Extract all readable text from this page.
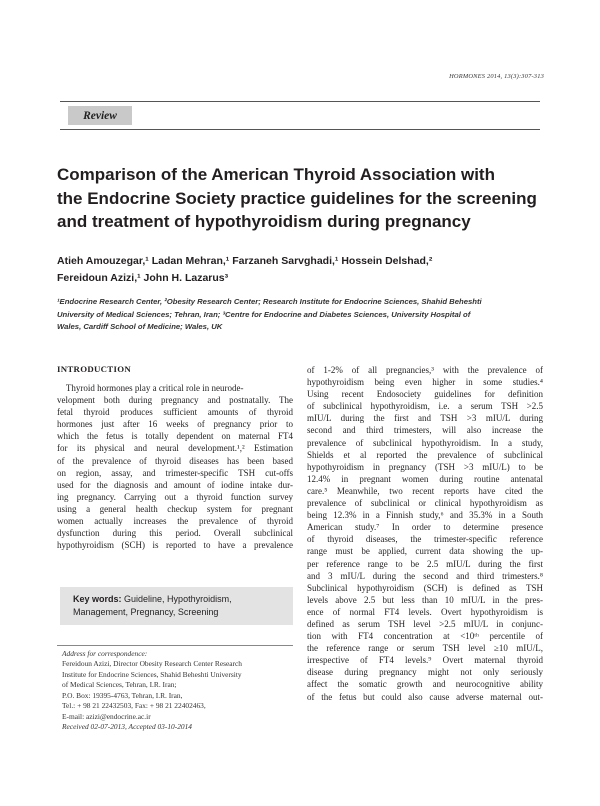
HORMONES 2014, 13(3):307-313
Review
Comparison of the American Thyroid Association with
the Endocrine Society practice guidelines for the screening
and treatment of hypothyroidism during pregnancy
Atieh Amouzegar,¹ Ladan Mehran,¹ Farzaneh Sarvghadi,¹ Hossein Delshad,²
Fereidoun Azizi,¹ John H. Lazarus³
¹Endocrine Research Center, ²Obesity Research Center; Research Institute for Endocrine Sciences, Shahid Beheshti
University of Medical Sciences; Tehran, Iran; ³Centre for Endocrine and Diabetes Sciences, University Hospital of
Wales, Cardiff School of Medicine; Wales, UK
INTRODUCTION
Thyroid hormones play a critical role in neurode-
velopment both during pregnancy and postnatally. The
fetal thyroid produces sufficient amounts of thyroid
hormones just after 16 weeks of pregnancy prior to
which the fetus is totally dependent on maternal FT4
for its physical and neural development.¹,² Estimation
of the prevalence of thyroid diseases has been based
on region, assay, and trimester-specific TSH cut-offs
used for the diagnosis and amount of iodine intake dur-
ing pregnancy. Carrying out a thyroid function survey
using a general health checkup system for pregnant
women actually increases the prevalence of thyroid
dysfunction during this period. Overall subclinical
hypothyroidism (SCH) is reported to have a prevalence
Key words: Guideline, Hypothyroidism,
Management, Pregnancy, Screening
Address for correspondence:
Fereidoun Azizi, Director Obesity Research Center Research
Institute for Endocrine Sciences, Shahid Beheshti University
of Medical Sciences, Tehran, I.R. Iran;
P.O. Box: 19395-4763, Tehran, I.R. Iran,
Tel.: + 98 21 22432503, Fax: + 98 21 22402463,
E-mail: azizi@endocrine.ac.ir
Received 02-07-2013, Accepted 03-10-2014
of 1-2% of all pregnancies,³ with the prevalence of
hypothyroidism being even higher in some studies.⁴
Using recent Endosociety guidelines for definition
of subclinical hypothyroidism, i.e. a serum TSH >2.5
mIU/L during the first and TSH >3 mIU/L during
second and third trimesters, will also increase the
prevalence of subclinical hypothyroidism. In a study,
Shields et al reported the prevalence of subclinical
hypothyroidism in pregnancy (TSH >3 mIU/L) to be
12.4% in pregnant women during routine antenatal
care.⁵ Meanwhile, two recent reports have cited the
prevalence of subclinical or clinical hypothyroidism as
being 12.3% in a Finnish study,⁶ and 35.3% in a South
American study.⁷ In order to determine presence
of thyroid diseases, the trimester-specific reference
range must be applied, current data showing the up-
per reference range to be 2.5 mIU/L during the first
and 3 mIU/L during the second and third trimesters.⁸
Subclinical hypothyroidism (SCH) is defined as TSH
levels above 2.5 but less than 10 mIU/L in the pres-
ence of normal FT4 levels. Overt hypothyroidism is
defined as serum TSH level >2.5 mIU/L in conjunc-
tion with FT4 concentration at <10ᵗʰ percentile of
the reference range or serum TSH level ≥10 mIU/L,
irrespective of FT4 levels.⁹ Overt maternal thyroid
disease during pregnancy might not only seriously
affect the somatic growth and neurocognitive ability
of the fetus but could also cause adverse maternal out-
